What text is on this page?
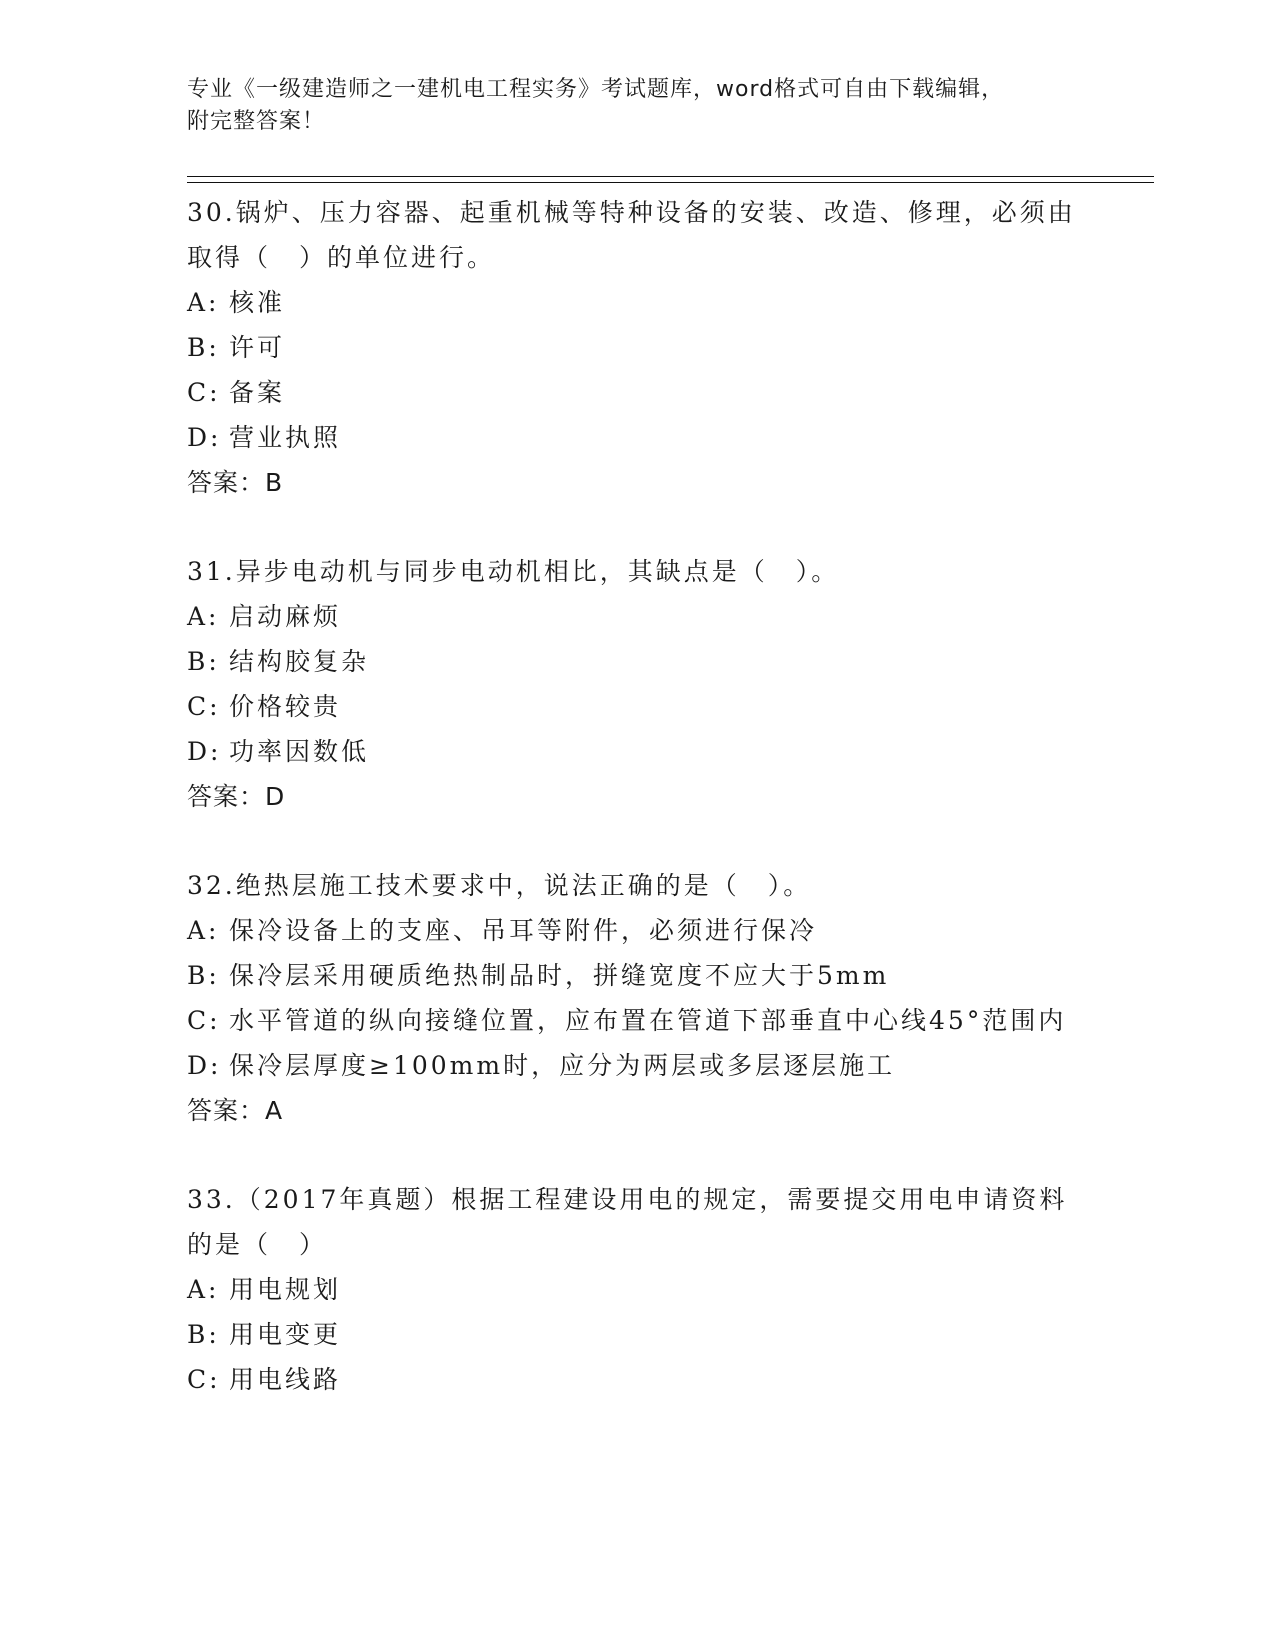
专业《一级建造师之一建机电工程实务》考试题库，word格式可自由下载编辑，
附完整答案！

30.锅炉、压力容器、起重机械等特种设备的安装、改造、修理，必须由取得（　）的单位进行。

A: 核准

B: 许可

C: 备案

D: 营业执照

答案：B

31.异步电动机与同步电动机相比，其缺点是（　）。

A: 启动麻烦

B: 结构胶复杂

C: 价格较贵

D: 功率因数低

答案：D

32.绝热层施工技术要求中，说法正确的是（　）。

A: 保冷设备上的支座、吊耳等附件，必须进行保冷

B: 保冷层采用硬质绝热制品时，拼缝宽度不应大于5mm

C: 水平管道的纵向接缝位置，应布置在管道下部垂直中心线45°范围内

D: 保冷层厚度≥100mm时，应分为两层或多层逐层施工

答案：A

33.（2017年真题）根据工程建设用电的规定，需要提交用电申请资料的是（　）

A: 用电规划

B: 用电变更

C: 用电线路
